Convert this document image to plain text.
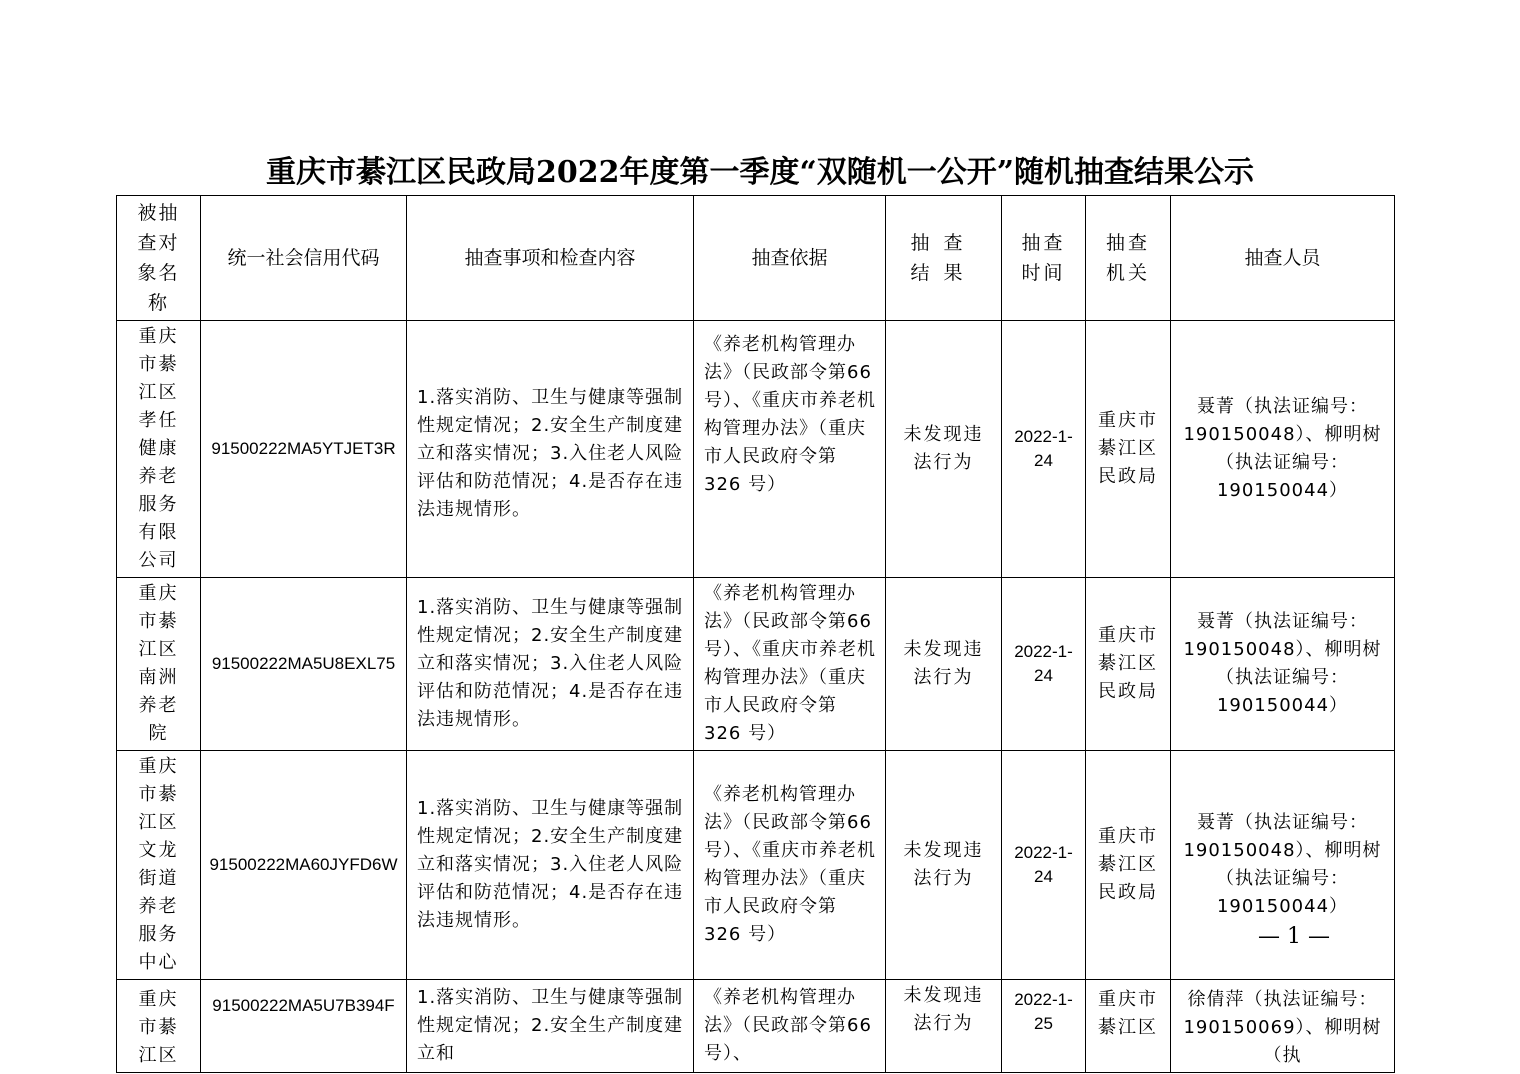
重庆市綦江区民政局2022年度第一季度“双随机一公开”随机抽查结果公示
被抽查对象名称	统一社会信用代码	抽查事项和检查内容	抽查依据	抽查结果	抽查时间	抽查机关	抽查人员

重庆市綦江区孝任健康养老服务有限公司	91500222MA5YTJET3R	1.落实消防、卫生与健康等强制性规定情况；2.安全生产制度建立和落实情况；3.入住老人风险评估和防范情况；4.是否存在违法违规情形。	《养老机构管理办法》（民政部令第66号）、《重庆市养老机构管理办法》（重庆市人民政府令第 326 号）	未发现违法行为	2022-1-24	重庆市綦江区民政局	聂菁（执法证编号：190150048）、柳明树（执法证编号：190150044）

重庆市綦江区南洲养老院	91500222MA5U8EXL75	1.落实消防、卫生与健康等强制性规定情况；2.安全生产制度建立和落实情况；3.入住老人风险评估和防范情况；4.是否存在违法违规情形。	《养老机构管理办法》（民政部令第66号）、《重庆市养老机构管理办法》（重庆市人民政府令第 326 号）	未发现违法行为	2022-1-24	重庆市綦江区民政局	聂菁（执法证编号：190150048）、柳明树（执法证编号：190150044）

重庆市綦江区文龙街道养老服务中心	91500222MA60JYFD6W	1.落实消防、卫生与健康等强制性规定情况；2.安全生产制度建立和落实情况；3.入住老人风险评估和防范情况；4.是否存在违法违规情形。	《养老机构管理办法》（民政部令第66号）、《重庆市养老机构管理办法》（重庆市人民政府令第 326 号）	未发现违法行为	2022-1-24	重庆市綦江区民政局	聂菁（执法证编号：190150048）、柳明树（执法证编号：190150044）

重庆市綦江区	91500222MA5U7B394F	1.落实消防、卫生与健康等强制性规定情况；2.安全生产制度建立和	《养老机构管理办法》（民政部令第66号）、	未发现违法行为	2022-1-25	重庆市綦江区	徐倩萍（执法证编号：190150069）、柳明树（执
— 1 —
